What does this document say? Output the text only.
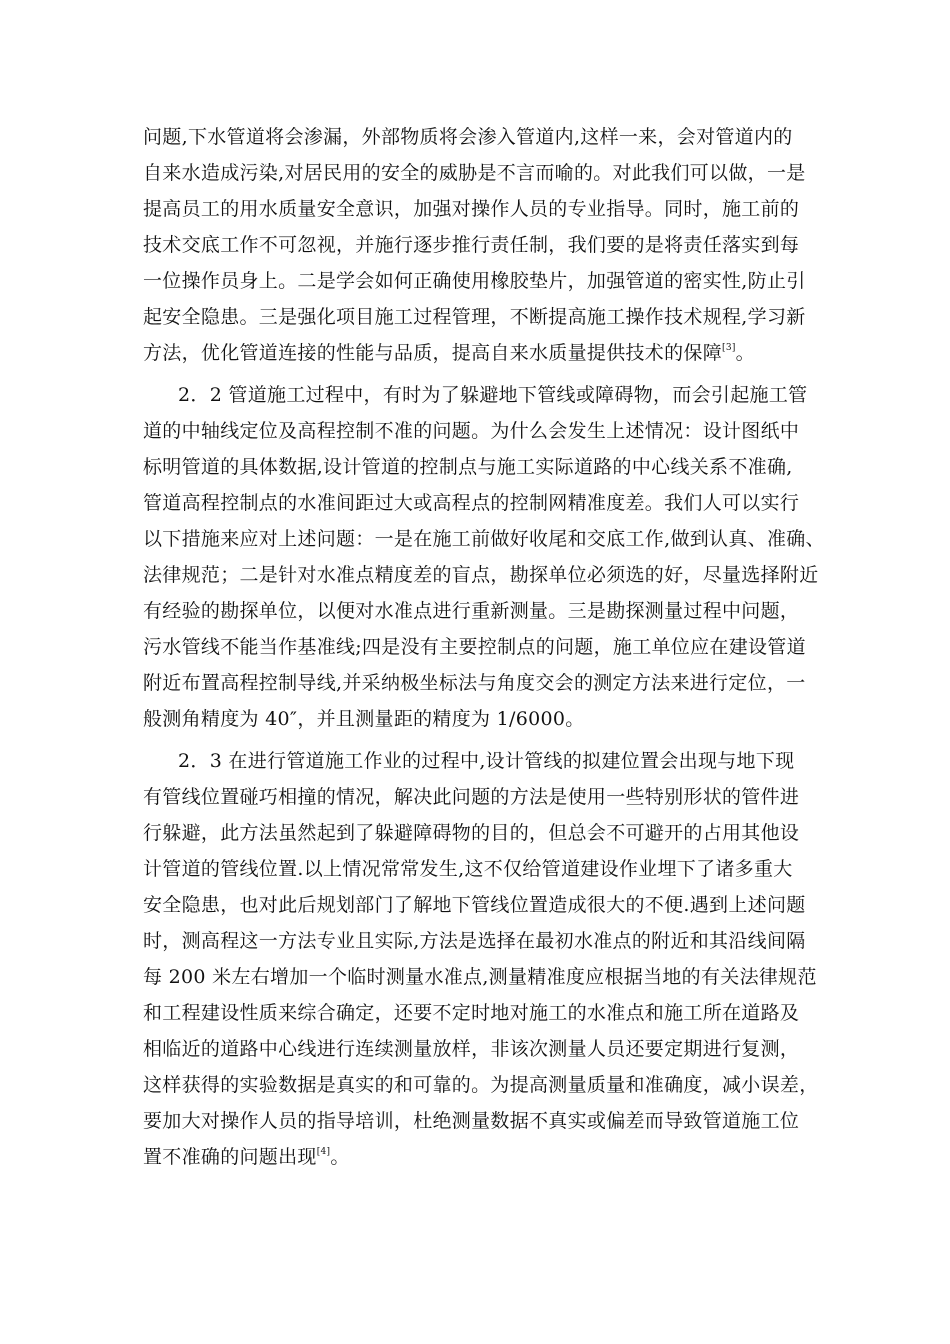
问题,下水管道将会渗漏，外部物质将会渗入管道内,这样一来，会对管道内的
自来水造成污染,对居民用的安全的威胁是不言而喻的。对此我们可以做，一是
提高员工的用水质量安全意识，加强对操作人员的专业指导。同时，施工前的
技术交底工作不可忽视，并施行逐步推行责任制，我们要的是将责任落实到每
一位操作员身上。二是学会如何正确使用橡胶垫片，加强管道的密实性,防止引
起安全隐患。三是强化项目施工过程管理，不断提高施工操作技术规程,学习新
方法，优化管道连接的性能与品质，提高自来水质量提供技术的保障[3]。
2．2 管道施工过程中，有时为了躲避地下管线或障碍物，而会引起施工管
道的中轴线定位及高程控制不准的问题。为什么会发生上述情况：设计图纸中
标明管道的具体数据,设计管道的控制点与施工实际道路的中心线关系不准确,
管道高程控制点的水准间距过大或高程点的控制网精准度差。我们人可以实行
以下措施来应对上述问题：一是在施工前做好收尾和交底工作,做到认真、准确、
法律规范；二是针对水准点精度差的盲点，勘探单位必须选的好，尽量选择附近
有经验的勘探单位，以便对水准点进行重新测量。三是勘探测量过程中问题，
污水管线不能当作基准线;四是没有主要控制点的问题，施工单位应在建设管道
附近布置高程控制导线,并采纳极坐标法与角度交会的测定方法来进行定位，一
般测角精度为 40″，并且测量距的精度为 1/6000。
2．3 在进行管道施工作业的过程中,设计管线的拟建位置会出现与地下现
有管线位置碰巧相撞的情况，解决此问题的方法是使用一些特别形状的管件进
行躲避，此方法虽然起到了躲避障碍物的目的，但总会不可避开的占用其他设
计管道的管线位置.以上情况常常发生,这不仅给管道建设作业埋下了诸多重大
安全隐患，也对此后规划部门了解地下管线位置造成很大的不便.遇到上述问题
时，测高程这一方法专业且实际,方法是选择在最初水准点的附近和其沿线间隔
每 200 米左右增加一个临时测量水准点,测量精准度应根据当地的有关法律规范
和工程建设性质来综合确定，还要不定时地对施工的水准点和施工所在道路及
相临近的道路中心线进行连续测量放样，非该次测量人员还要定期进行复测，
这样获得的实验数据是真实的和可靠的。为提高测量质量和准确度，减小误差，
要加大对操作人员的指导培训，杜绝测量数据不真实或偏差而导致管道施工位
置不准确的问题出现[4]。
